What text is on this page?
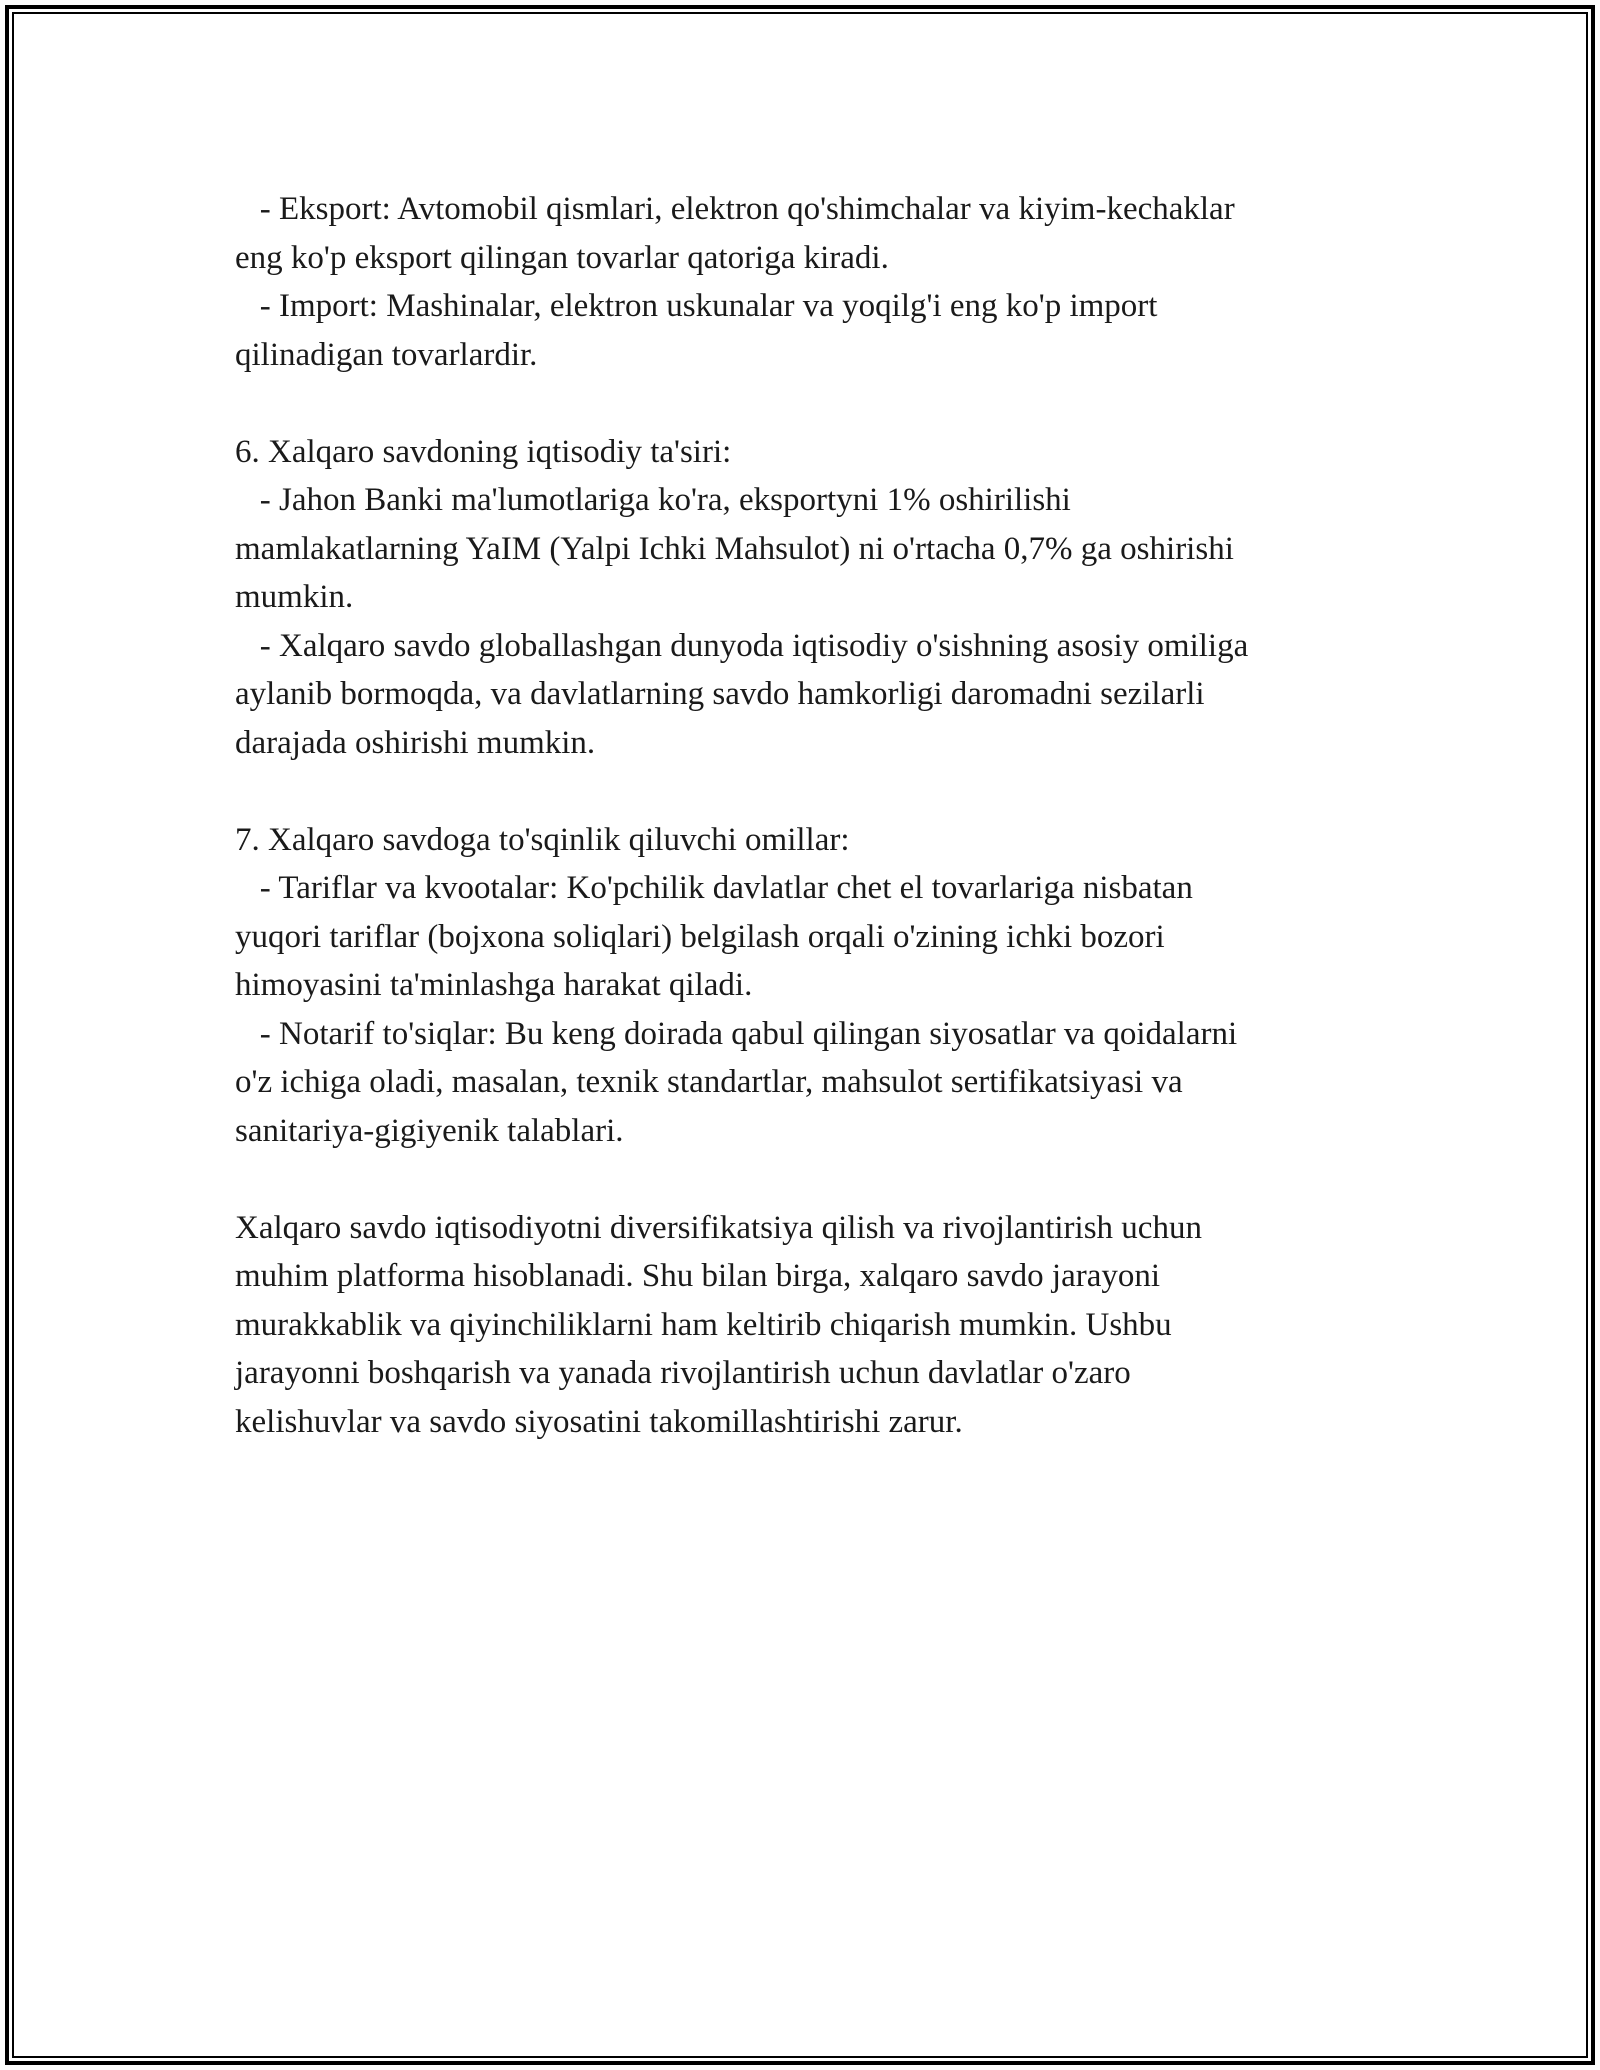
- Eksport: Avtomobil qismlari, elektron qo'shimchalar va kiyim-kechaklar
eng ko'p eksport qilingan tovarlar qatoriga kiradi.
- Import: Mashinalar, elektron uskunalar va yoqilg'i eng ko'p import
qilinadigan tovarlardir.
6. Xalqaro savdoning iqtisodiy ta'siri:
- Jahon Banki ma'lumotlariga ko'ra, eksportyni 1% oshirilishi
mamlakatlarning YaIM (Yalpi Ichki Mahsulot) ni o'rtacha 0,7% ga oshirishi
mumkin.
- Xalqaro savdo globallashgan dunyoda iqtisodiy o'sishning asosiy omiliga
aylanib bormoqda, va davlatlarning savdo hamkorligi daromadni sezilarli
darajada oshirishi mumkin.
7. Xalqaro savdoga to'sqinlik qiluvchi omillar:
- Tariflar va kvootalar: Ko'pchilik davlatlar chet el tovarlariga nisbatan
yuqori tariflar (bojxona soliqlari) belgilash orqali o'zining ichki bozori
himoyasini ta'minlashga harakat qiladi.
- Notarif to'siqlar: Bu keng doirada qabul qilingan siyosatlar va qoidalarni
o'z ichiga oladi, masalan, texnik standartlar, mahsulot sertifikatsiyasi va
sanitariya-gigiyenik talablari.
Xalqaro savdo iqtisodiyotni diversifikatsiya qilish va rivojlantirish uchun
muhim platforma hisoblanadi. Shu bilan birga, xalqaro savdo jarayoni
murakkablik va qiyinchiliklarni ham keltirib chiqarish mumkin. Ushbu
jarayonni boshqarish va yanada rivojlantirish uchun davlatlar o'zaro
kelishuvlar va savdo siyosatini takomillashtirishi zarur.
